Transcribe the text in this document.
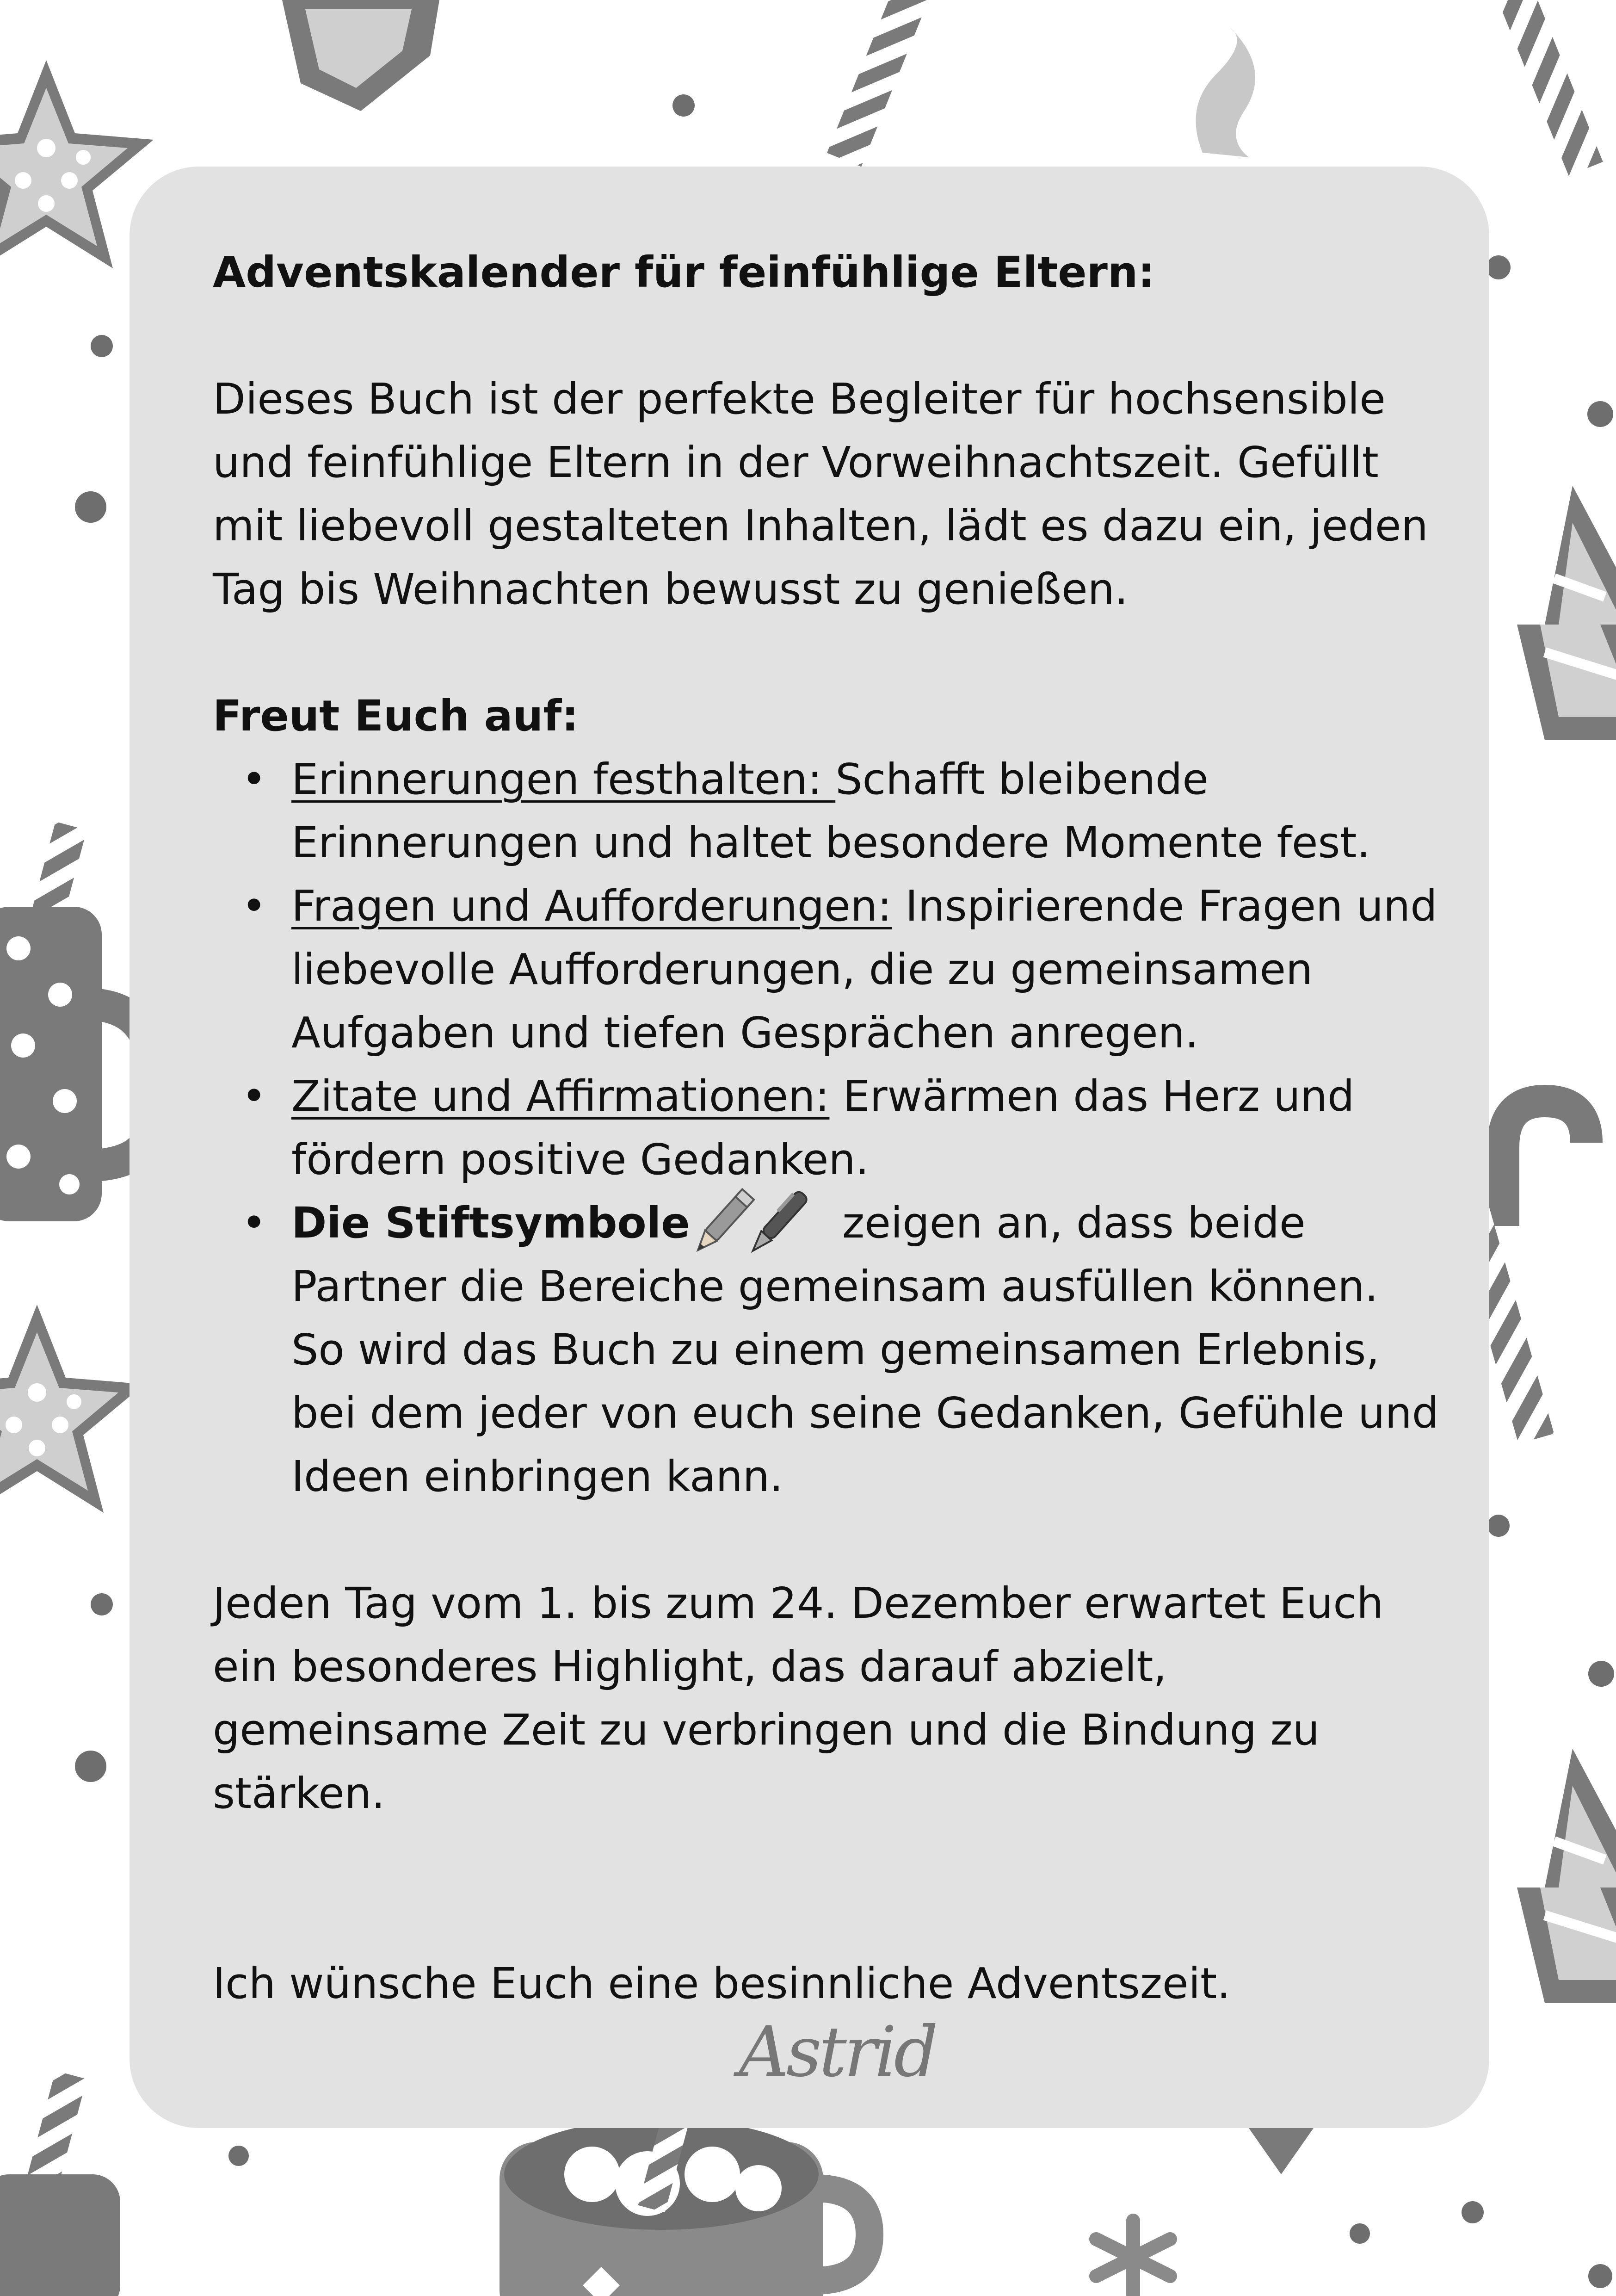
Adventskalender für feinfühlige Eltern:

Dieses Buch ist der perfekte Begleiter für hochsensible und feinfühlige Eltern in der Vorweihnachtszeit. Gefüllt mit liebevoll gestalteten Inhalten, lädt es dazu ein, jeden Tag bis Weihnachten bewusst zu genießen.

Freut Euch auf:

• Erinnerungen festhalten: Schafft bleibende Erinnerungen und haltet besondere Momente fest.
• Fragen und Aufforderungen: Inspirierende Fragen und liebevolle Aufforderungen, die zu gemeinsamen Aufgaben und tiefen Gesprächen anregen.
• Zitate und Affirmationen: Erwärmen das Herz und fördern positive Gedanken.
• Die Stiftsymbole	zeigen an, dass beide Partner die Bereiche gemeinsam ausfüllen können. So wird das Buch zu einem gemeinsamen Erlebnis, bei dem jeder von euch seine Gedanken, Gefühle und Ideen einbringen kann.

Jeden Tag vom 1. bis zum 24. Dezember erwartet Euch ein besonderes Highlight, das darauf abzielt, gemeinsame Zeit zu verbringen und die Bindung zu stärken.

Ich wünsche Euch eine besinnliche Adventszeit.

Astrid
